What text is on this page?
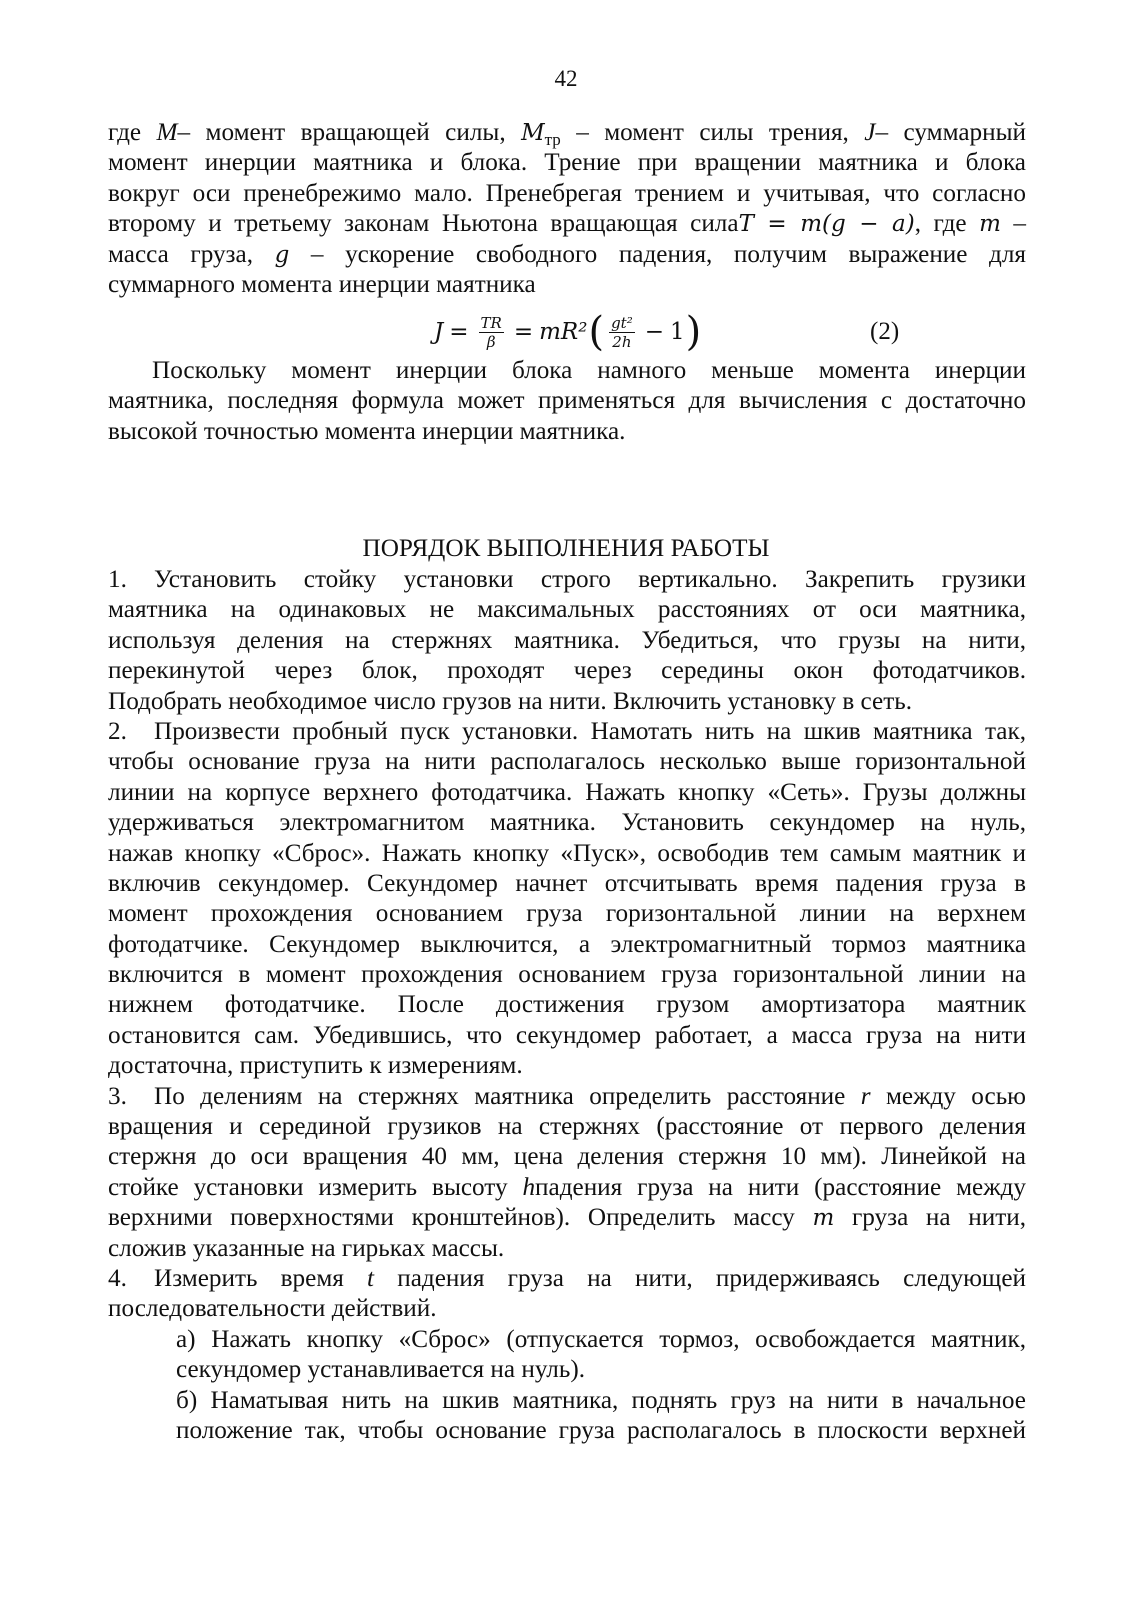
42
где M– момент вращающей силы, $M_{тр}$ – момент силы трения, J– суммарный
момент инерции маятника и блока. Трение при вращении маятника и блока
вокруг оси пренебрежимо мало. Пренебрегая трением и учитывая, что согласно
второму и третьему законам Ньютона вращающая силаT = m(g − a), где m –
масса груза, g – ускорение свободного падения, получим выражение для
суммарного момента инерции маятника
$J = \frac{TR}{\beta} = mR^2$ ( $\frac{\text{gt²}}{2h} - 1$ )	(2)
Поскольку момент инерции блока намного меньше момента инерции
маятника, последняя формула может применяться для вычисления с достаточно
высокой точностью момента инерции маятника.
ПОРЯДОК ВЫПОЛНЕНИЯ РАБОТЫ
1. Установить стойку установки строго вертикально. Закрепить грузики
маятника на одинаковых не максимальных расстояниях от оси маятника,
используя деления на стержнях маятника. Убедиться, что грузы на нити,
перекинутой через блок, проходят через середины окон фотодатчиков.
Подобрать необходимое число грузов на нити. Включить установку в сеть.
2. Произвести пробный пуск установки. Намотать нить на шкив маятника так,
чтобы основание груза на нити располагалось несколько выше горизонтальной
линии на корпусе верхнего фотодатчика. Нажать кнопку «Сеть». Грузы должны
удерживаться электромагнитом маятника. Установить секундомер на нуль,
нажав кнопку «Сброс». Нажать кнопку «Пуск», освободив тем самым маятник и
включив секундомер. Секундомер начнет отсчитывать время падения груза в
момент прохождения основанием груза горизонтальной линии на верхнем
фотодатчике. Секундомер выключится, а электромагнитный тормоз маятника
включится в момент прохождения основанием груза горизонтальной линии на
нижнем фотодатчике. После достижения грузом амортизатора маятник
остановится сам. Убедившись, что секундомер работает, а масса груза на нити
достаточна, приступить к измерениям.
3. По делениям на стержнях маятника определить расстояние r между осью
вращения и серединой грузиков на стержнях (расстояние от первого деления
стержня до оси вращения 40 мм, цена деления стержня 10 мм). Линейкой на
стойке установки измерить высоту hпадения груза на нити (расстояние между
верхними поверхностями кронштейнов). Определить массу m груза на нити,
сложив указанные на гирьках массы.
4. Измерить время t падения груза на нити, придерживаясь следующей
последовательности действий.
а) Нажать кнопку «Сброс» (отпускается тормоз, освобождается маятник,
секундомер устанавливается на нуль).
б) Наматывая нить на шкив маятника, поднять груз на нити в начальное
положение так, чтобы основание груза располагалось в плоскости верхней
